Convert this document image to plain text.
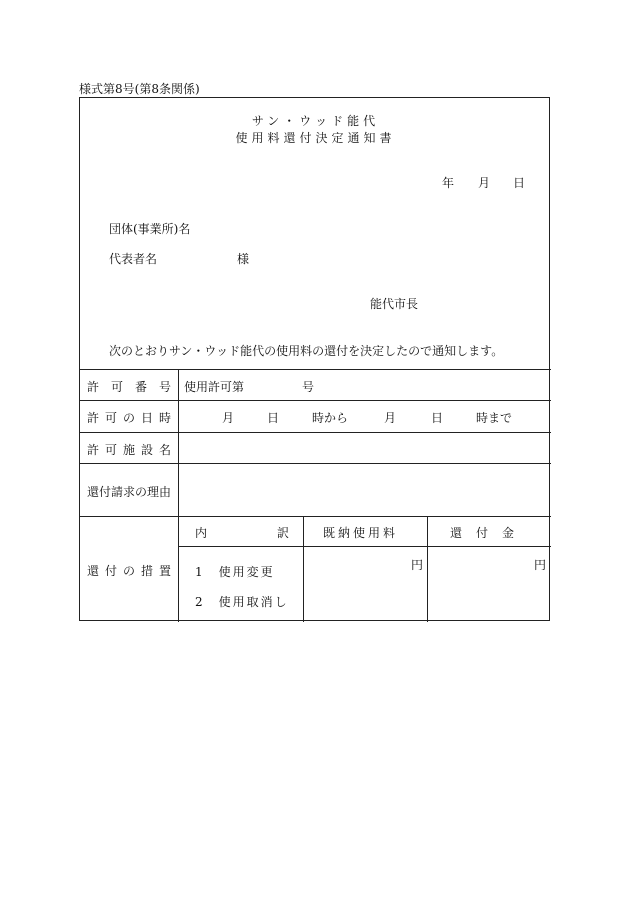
様式第8号(第8条関係)
サン・ウッド能代
使用料還付決定通知書
年 月 日
団体(事業所)名
代表者名	様
能代市長
次のとおりサン・ウッド能代の使用料の還付を決定したので通知します。
許　可　番　号 使用許可第	号
許可の日時	月	日	時から	月	日	時まで
許可施設名
還付請求の理由
還付の措置
内	訳	既納使用料	還付金
1　使用変更
2　使用取消し
円	円
